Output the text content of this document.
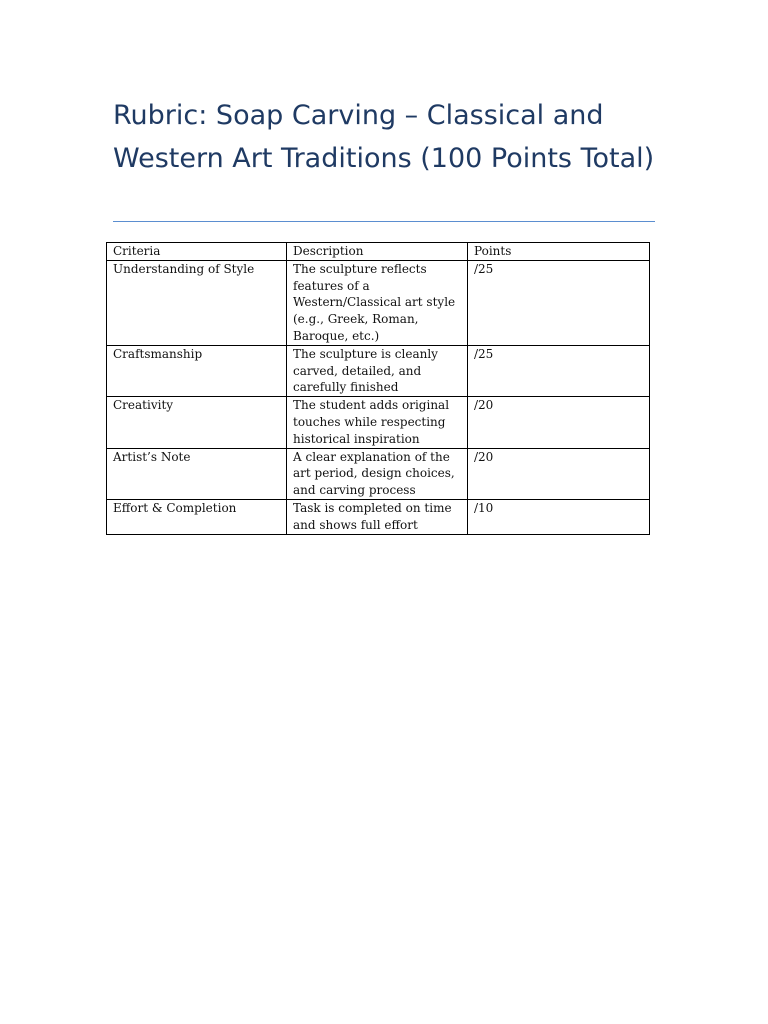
Rubric: Soap Carving – Classical and Western Art Traditions (100 Points Total)
Criteria	Description	Points
Understanding of Style	The sculpture reflects features of a Western/Classical art style (e.g., Greek, Roman, Baroque, etc.)	/25
Craftsmanship	The sculpture is cleanly carved, detailed, and carefully finished	/25
Creativity	The student adds original touches while respecting historical inspiration	/20
Artist’s Note	A clear explanation of the art period, design choices, and carving process	/20
Effort & Completion	Task is completed on time and shows full effort	/10
